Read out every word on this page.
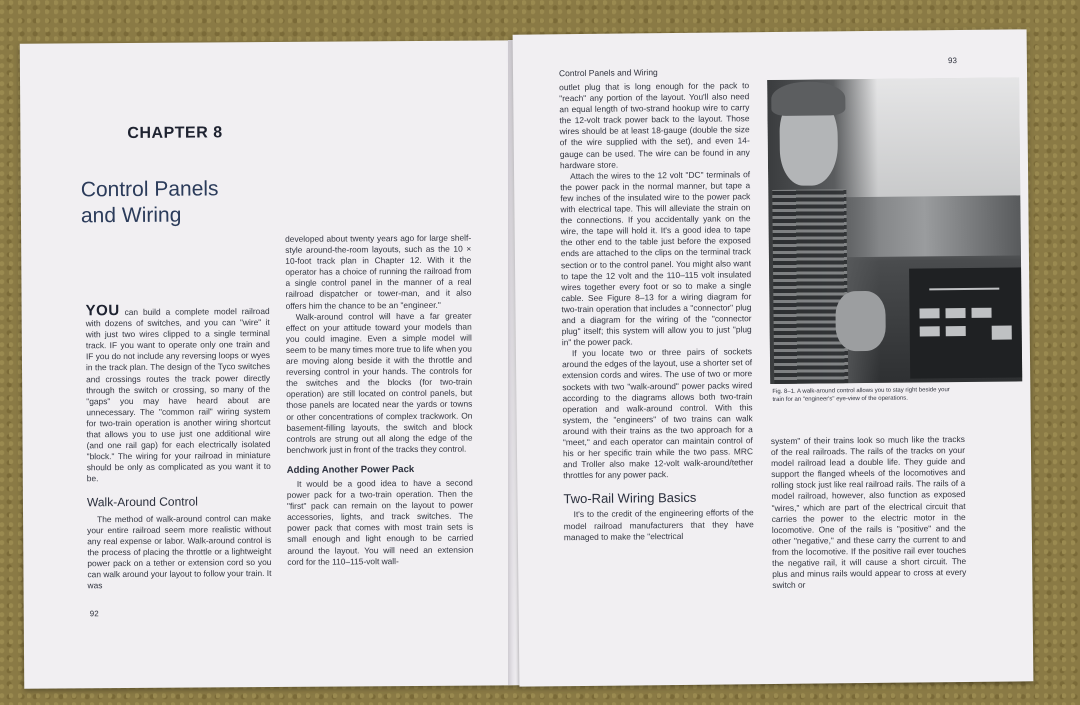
CHAPTER 8
Control Panels
and Wiring

YOU can build a complete model railroad with dozens of switches, and you can "wire" it with just two wires clipped to a single terminal track. IF you want to operate only one train and IF you do not include any reversing loops or wyes in the track plan. The design of the Tyco switches and crossings routes the track power directly through the switch or crossing, so many of the "gaps" you may have heard about are unnecessary. The "common rail" wiring system for two-train operation is another wiring shortcut that allows you to use just one additional wire (and one rail gap) for each electrically isolated "block." The wiring for your railroad in miniature should be only as complicated as you want it to be.

Walk-Around Control

The method of walk-around control can make your entire railroad seem more realistic without any real expense or labor. Walk-around control is the process of placing the throttle or a lightweight power pack on a tether or extension cord so you can walk around your layout to follow your train. It was

developed about twenty years ago for large shelf-style around-the-room layouts, such as the 10 × 10-foot track plan in Chapter 12. With it the operator has a choice of running the railroad from a single control panel in the manner of a real railroad dispatcher or tower-man, and it also offers him the chance to be an "engineer."

Walk-around control will have a far greater effect on your attitude toward your models than you could imagine. Even a simple model will seem to be many times more true to life when you are moving along beside it with the throttle and reversing control in your hands. The controls for the switches and the blocks (for two-train operation) are still located on control panels, but those panels are located near the yards or towns or other concentrations of complex trackwork. On basement-filling layouts, the switch and block controls are strung out all along the edge of the benchwork just in front of the tracks they control.

Adding Another Power Pack

It would be a good idea to have a second power pack for a two-train operation. Then the "first" pack can remain on the layout to power accessories, lights, and track switches. The power pack that comes with most train sets is small enough and light enough to be carried around the layout. You will need an extension cord for the 110–115-volt wall-

92
Control Panels and Wiring
93

outlet plug that is long enough for the pack to "reach" any portion of the layout. You'll also need an equal length of two-strand hookup wire to carry the 12-volt track power back to the layout. Those wires should be at least 18-gauge (double the size of the wire supplied with the set), and even 14-gauge can be used. The wire can be found in any hardware store.

Attach the wires to the 12 volt "DC" terminals of the power pack in the normal manner, but tape a few inches of the insulated wire to the power pack with electrical tape. This will alleviate the strain on the connections. If you accidentally yank on the wire, the tape will hold it. It's a good idea to tape the other end to the table just before the exposed ends are attached to the clips on the terminal track section or to the control panel. You might also want to tape the 12 volt and the 110–115 volt insulated wires together every foot or so to make a single cable. See Figure 8–13 for a wiring diagram for two-train operation that includes a "connector" plug and a diagram for the wiring of the "connector plug" itself; this system will allow you to just "plug in" the power pack.

If you locate two or three pairs of sockets around the edges of the layout, use a shorter set of extension cords and wires. The use of two or more sockets with two "walk-around" power packs wired according to the diagrams allows both two-train operation and walk-around control. With this system, the "engineers" of two trains can walk around with their trains as the two approach for a "meet," and each operator can maintain control of his or her specific train while the two pass. MRC and Troller also make 12-volt walk-around/tether throttles for any power pack.

Two-Rail Wiring Basics

It's to the credit of the engineering efforts of the model railroad manufacturers that they have managed to make the "electrical

Fig. 8–1. A walk-around control allows you to stay right beside your train for an "engineer's" eye-view of the operations.

system" of their trains look so much like the tracks of the real railroads. The rails of the tracks on your model railroad lead a double life. They guide and support the flanged wheels of the locomotives and rolling stock just like real railroad rails. The rails of a model railroad, however, also function as exposed "wires," which are part of the electrical circuit that carries the power to the electric motor in the locomotive. One of the rails is "positive" and the other "negative," and these carry the current to and from the locomotive. If the positive rail ever touches the negative rail, it will cause a short circuit. The plus and minus rails would appear to cross at every switch or
